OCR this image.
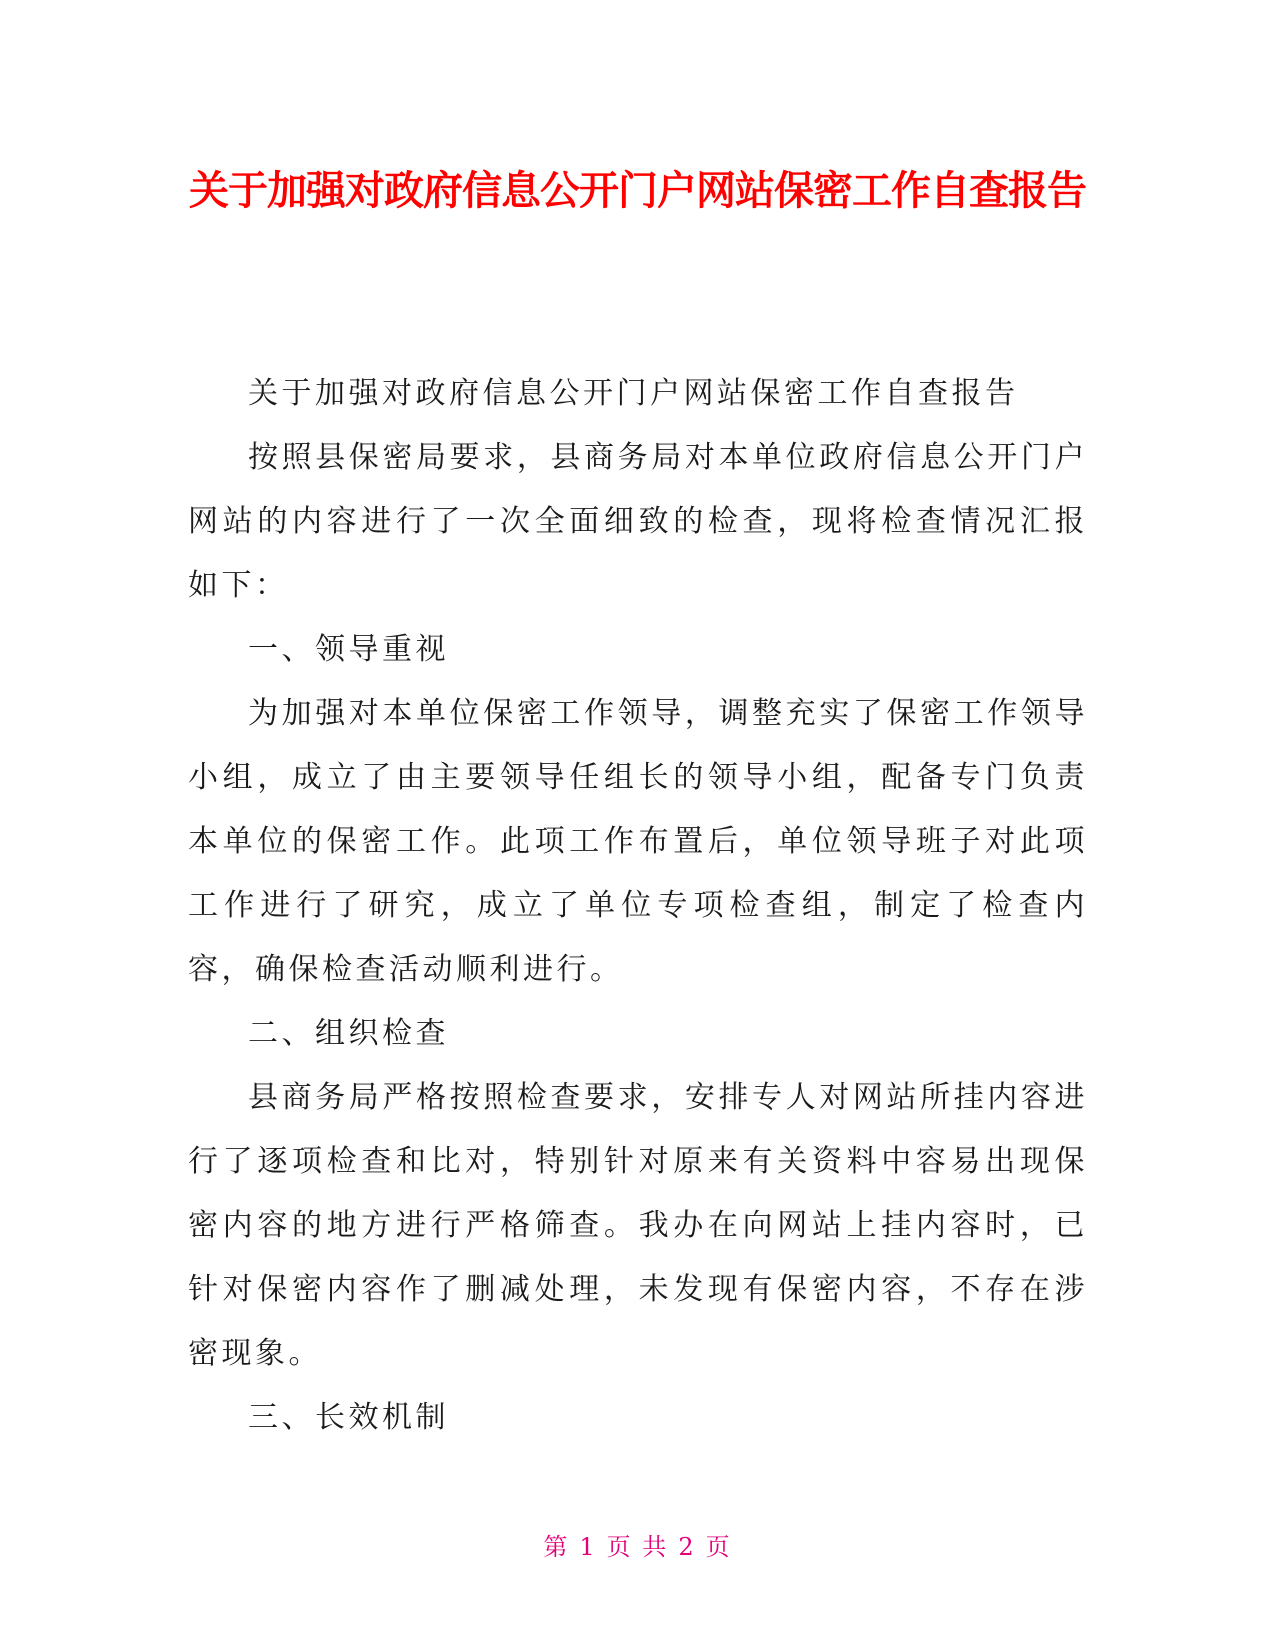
关于加强对政府信息公开门户网站保密工作自查报告

关于加强对政府信息公开门户网站保密工作自查报告

按照县保密局要求，县商务局对本单位政府信息公开门户网站的内容进行了一次全面细致的检查，现将检查情况汇报如下：

一、领导重视

为加强对本单位保密工作领导，调整充实了保密工作领导小组，成立了由主要领导任组长的领导小组，配备专门负责本单位的保密工作。此项工作布置后，单位领导班子对此项工作进行了研究，成立了单位专项检查组，制定了检查内容，确保检查活动顺利进行。

二、组织检查

县商务局严格按照检查要求，安排专人对网站所挂内容进行了逐项检查和比对，特别针对原来有关资料中容易出现保密内容的地方进行严格筛查。我办在向网站上挂内容时，已针对保密内容作了删减处理，未发现有保密内容，不存在涉密现象。

三、长效机制

第 1 页 共 2 页
